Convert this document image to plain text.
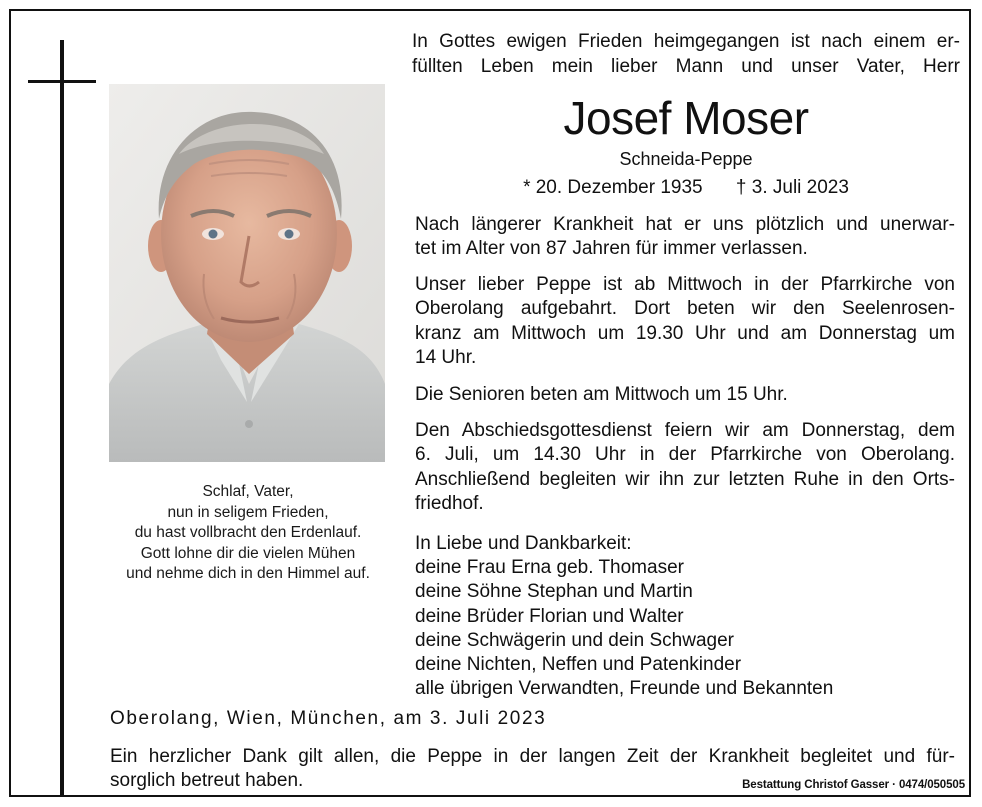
Schlaf, Vater,
nun in seligem Frieden,
du hast vollbracht den Erdenlauf.
Gott lohne dir die vielen Mühen
und nehme dich in den Himmel auf.
In Gottes ewigen Frieden heimgegangen ist nach einem er-
füllten Leben mein lieber Mann und unser Vater, Herr
Josef Moser
Schneida-Peppe
* 20. Dezember 1935 † 3. Juli 2023
Nach längerer Krankheit hat er uns plötzlich und unerwar-
tet im Alter von 87 Jahren für immer verlassen.
Unser lieber Peppe ist ab Mittwoch in der Pfarrkirche von
Oberolang aufgebahrt. Dort beten wir den Seelenrosen-
kranz am Mittwoch um 19.30 Uhr und am Donnerstag um
14 Uhr.
Die Senioren beten am Mittwoch um 15 Uhr.
Den Abschiedsgottesdienst feiern wir am Donnerstag, dem
6. Juli, um 14.30 Uhr in der Pfarrkirche von Oberolang.
Anschließend begleiten wir ihn zur letzten Ruhe in den Orts-
friedhof.
In Liebe und Dankbarkeit:
deine Frau Erna geb. Thomaser
deine Söhne Stephan und Martin
deine Brüder Florian und Walter
deine Schwägerin und dein Schwager
deine Nichten, Neffen und Patenkinder
alle übrigen Verwandten, Freunde und Bekannten
Oberolang, Wien, München, am 3. Juli 2023
Ein herzlicher Dank gilt allen, die Peppe in der langen Zeit der Krankheit begleitet und für-
sorglich betreut haben.	Bestattung Christof Gasser · 0474/050505
